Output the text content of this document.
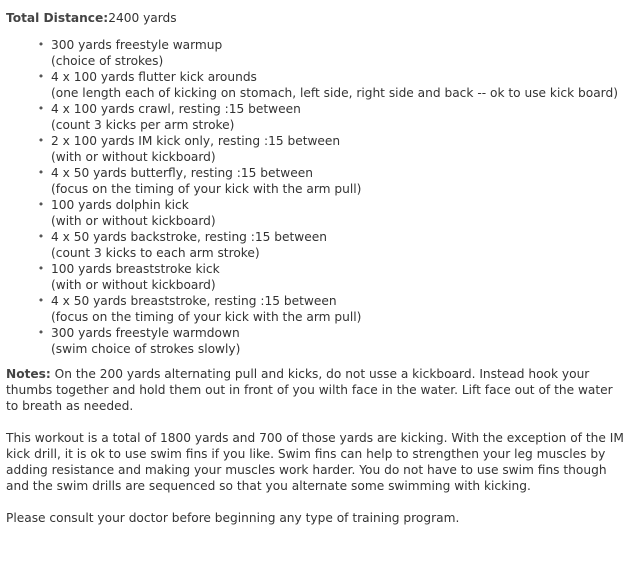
Total Distance:2400 yards
• 300 yards freestyle warmup
(choice of strokes)
• 4 x 100 yards flutter kick arounds
(one length each of kicking on stomach, left side, right side and back -- ok to use kick board)
• 4 x 100 yards crawl, resting :15 between
(count 3 kicks per arm stroke)
• 2 x 100 yards IM kick only, resting :15 between
(with or without kickboard)
• 4 x 50 yards butterfly, resting :15 between
(focus on the timing of your kick with the arm pull)
• 100 yards dolphin kick
(with or without kickboard)
• 4 x 50 yards backstroke, resting :15 between
(count 3 kicks to each arm stroke)
• 100 yards breaststroke kick
(with or without kickboard)
• 4 x 50 yards breaststroke, resting :15 between
(focus on the timing of your kick with the arm pull)
• 300 yards freestyle warmdown
(swim choice of strokes slowly)

Notes: On the 200 yards alternating pull and kicks, do not usse a kickboard. Instead hook your thumbs together and hold them out in front of you wilth face in the water. Lift face out of the water to breath as needed.

This workout is a total of 1800 yards and 700 of those yards are kicking. With the exception of the IM kick drill, it is ok to use swim fins if you like. Swim fins can help to strengthen your leg muscles by adding resistance and making your muscles work harder. You do not have to use swim fins though and the swim drills are sequenced so that you alternate some swimming with kicking.

Please consult your doctor before beginning any type of training program.
